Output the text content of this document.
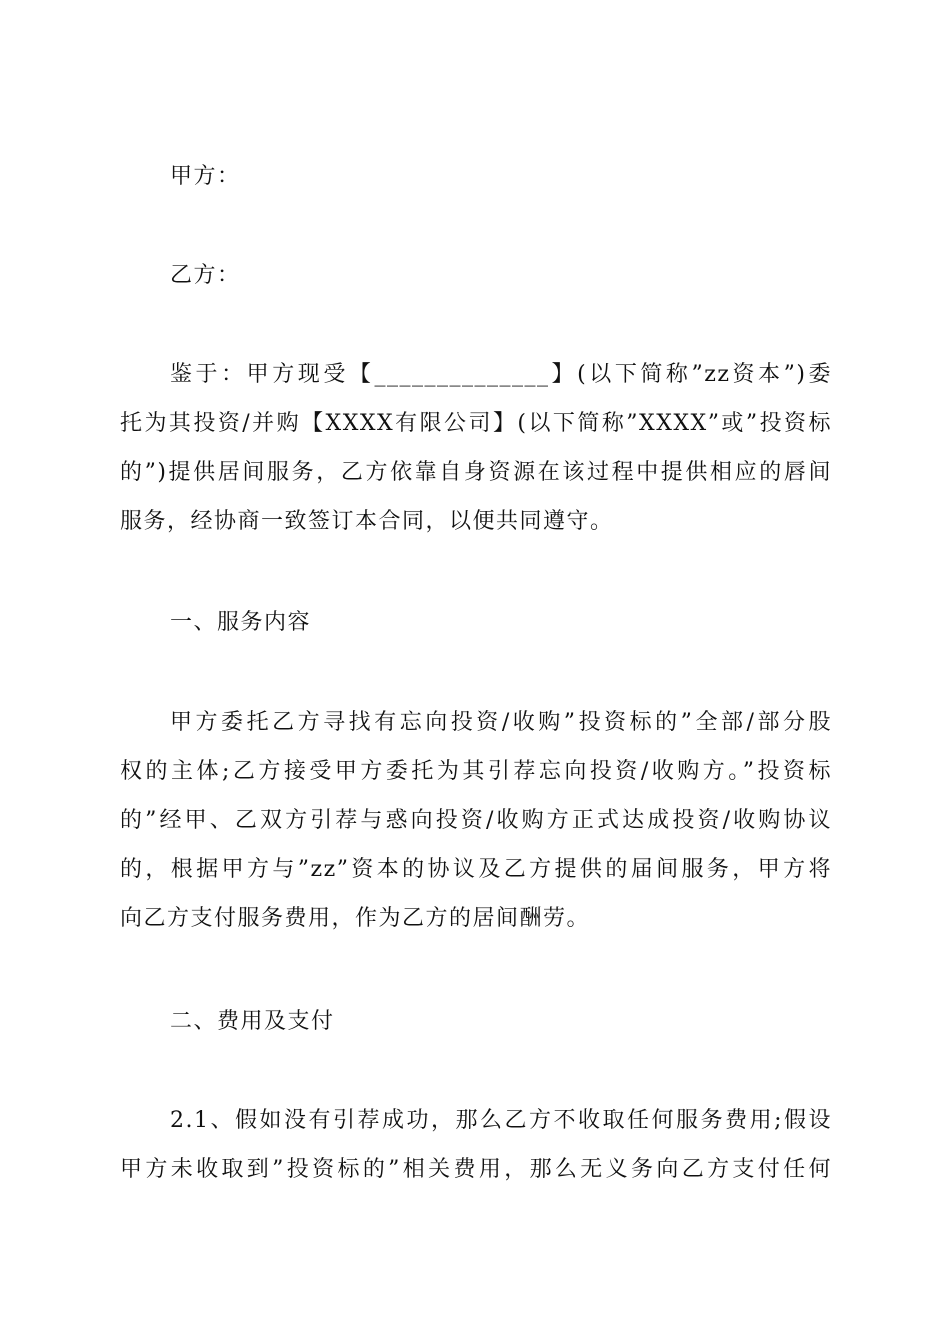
甲方：
乙方：
鉴于：甲方现受【______________】(以下简称”zz资本”)委
托为其投资/并购【XXXX有限公司】(以下简称”XXXX”或”投资标
的”)提供居间服务，乙方依靠自身资源在该过程中提供相应的唇间
服务，经协商一致签订本合同，以便共同遵守。
一、服务内容
甲方委托乙方寻找有忘向投资/收购”投资标的”全部/部分股
权的主体;乙方接受甲方委托为其引荐忘向投资/收购方。”投资标
的”经甲、乙双方引荐与惑向投资/收购方正式达成投资/收购协议
的，根据甲方与”zz”资本的协议及乙方提供的届间服务，甲方将
向乙方支付服务费用，作为乙方的居间酬劳。
二、费用及支付
2.1、假如没有引荐成功，那么乙方不收取任何服务费用;假设
甲方未收取到”投资标的”相关费用，那么无义务向乙方支付任何
